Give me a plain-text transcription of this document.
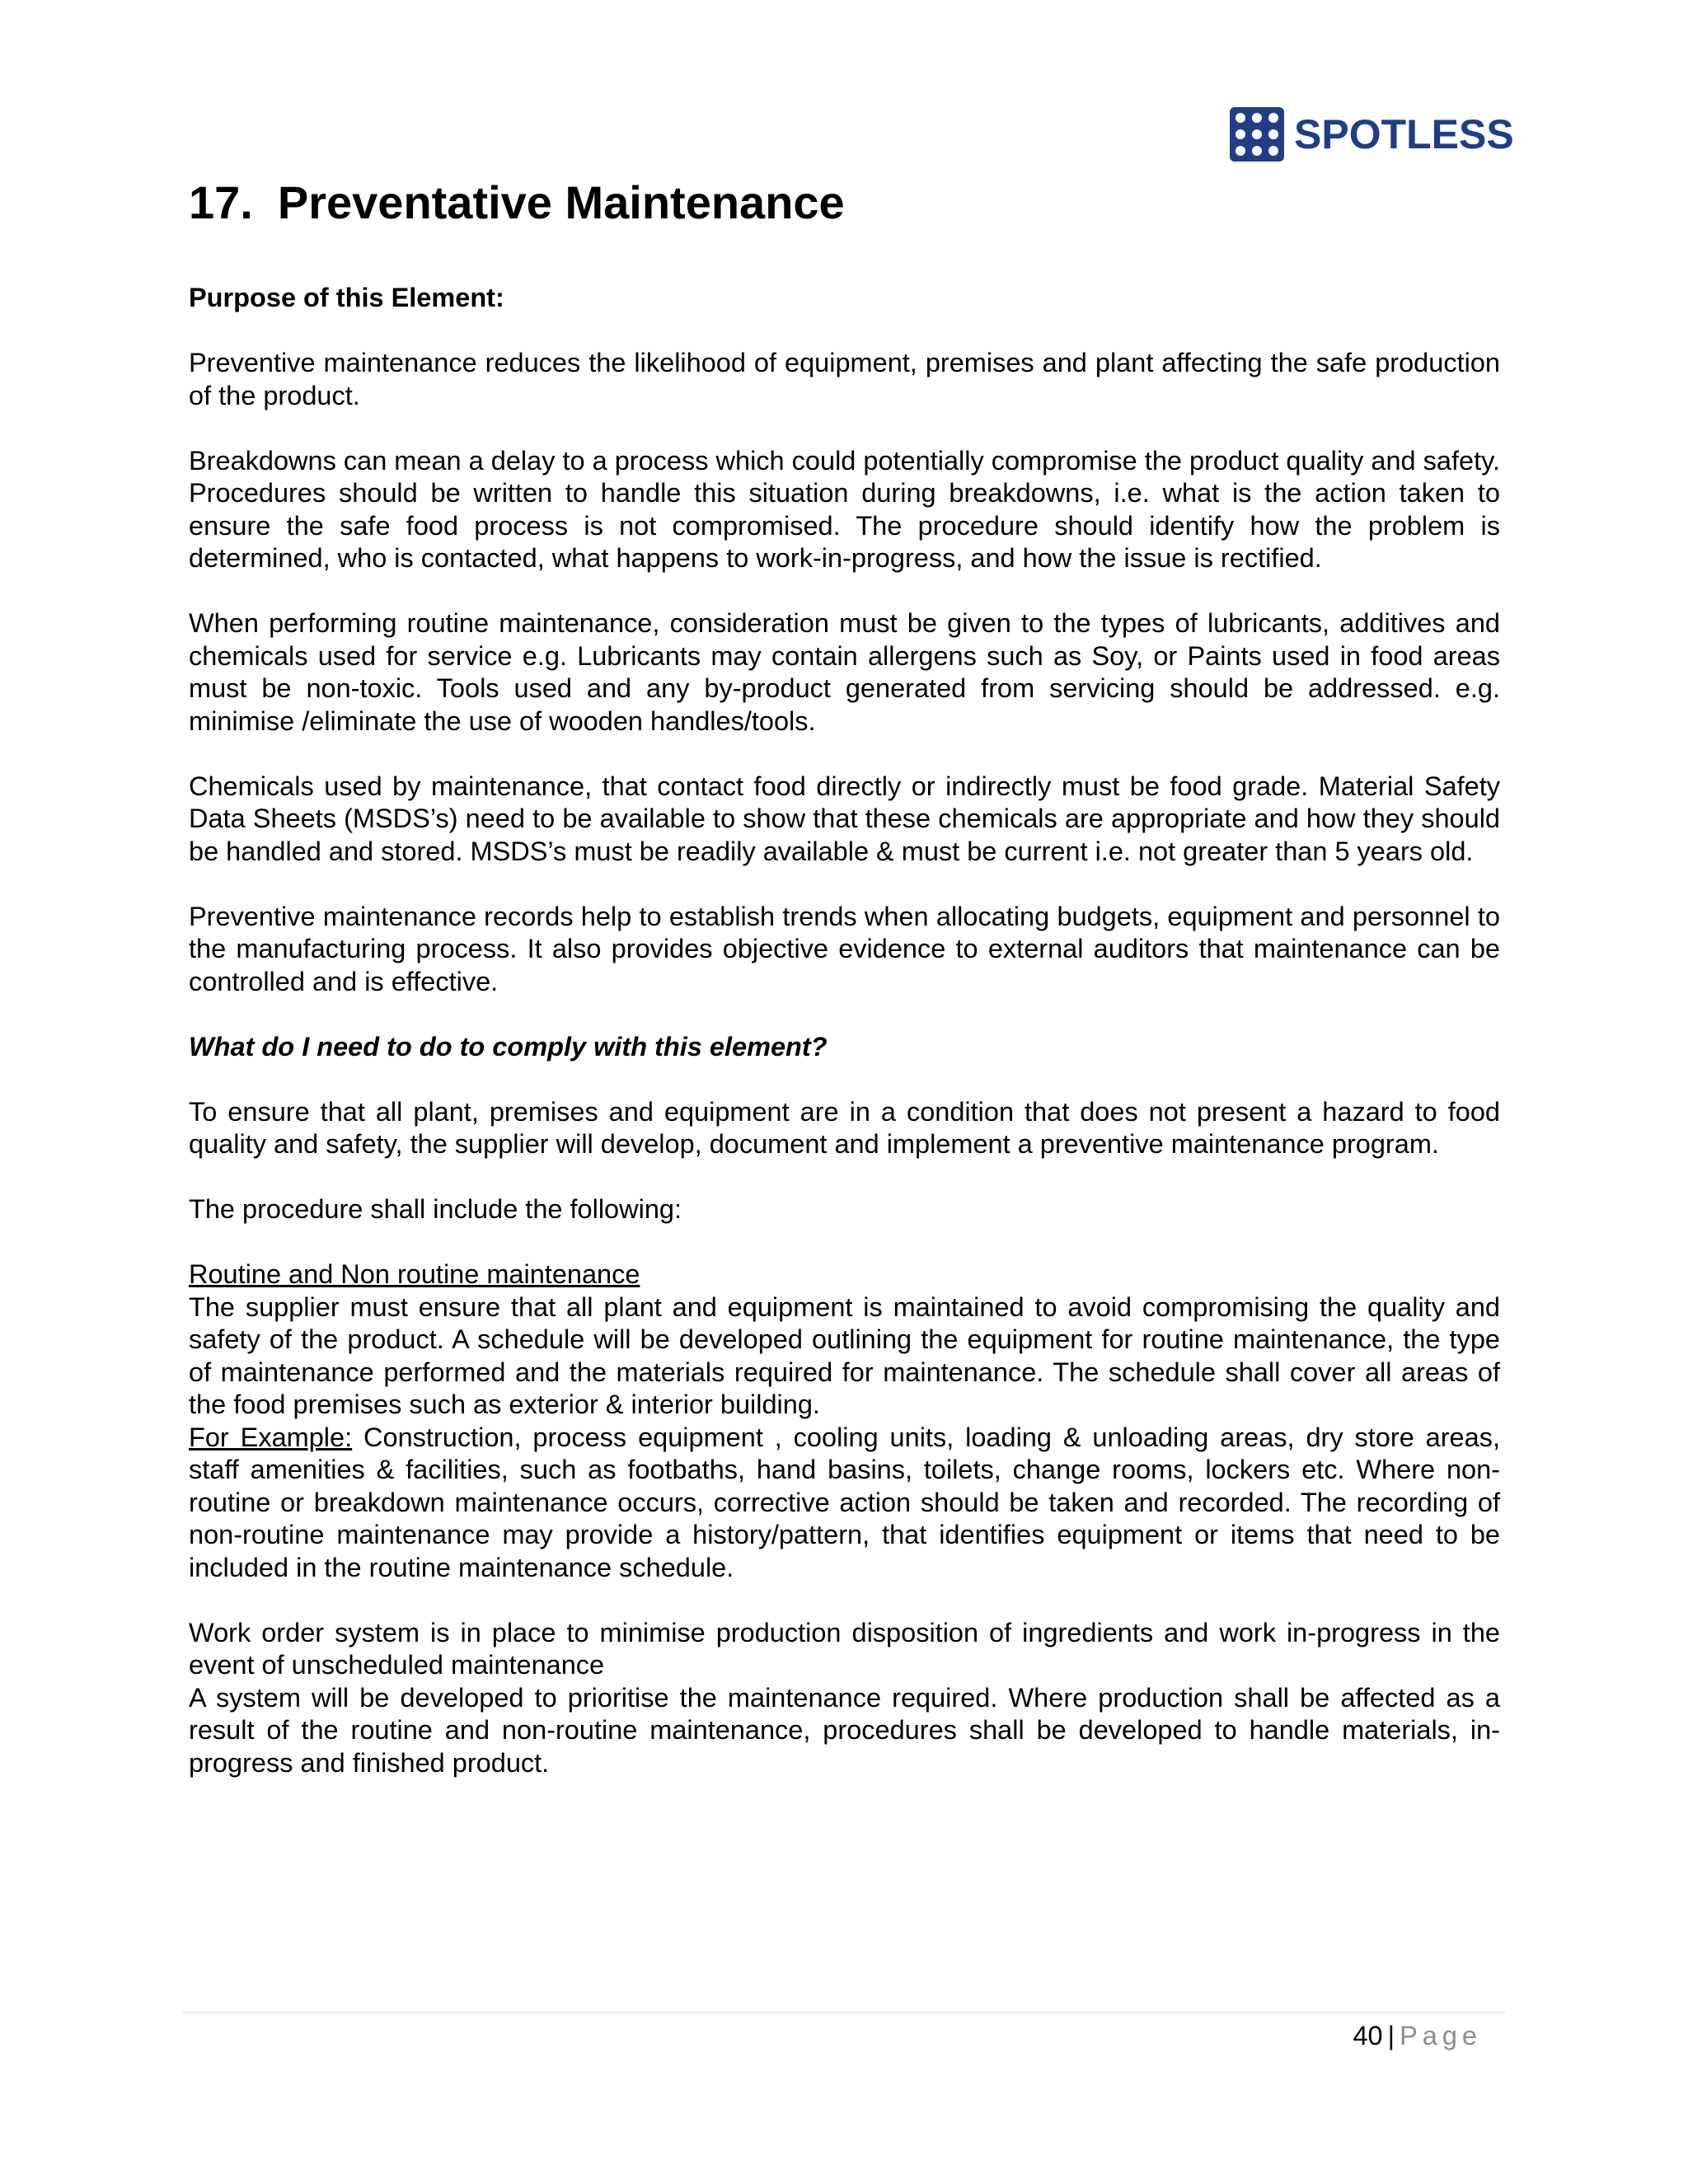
SPOTLESS
17. Preventative Maintenance

Purpose of this Element:

Preventive maintenance reduces the likelihood of equipment, premises and plant affecting the safe production of the product.

Breakdowns can mean a delay to a process which could potentially compromise the product quality and safety. Procedures should be written to handle this situation during breakdowns, i.e. what is the action taken to ensure the safe food process is not compromised. The procedure should identify how the problem is determined, who is contacted, what happens to work-in-progress, and how the issue is rectified.

When performing routine maintenance, consideration must be given to the types of lubricants, additives and chemicals used for service e.g. Lubricants may contain allergens such as Soy, or Paints used in food areas must be non-toxic. Tools used and any by-product generated from servicing should be addressed. e.g. minimise /eliminate the use of wooden handles/tools.

Chemicals used by maintenance, that contact food directly or indirectly must be food grade. Material Safety Data Sheets (MSDS’s) need to be available to show that these chemicals are appropriate and how they should be handled and stored. MSDS’s must be readily available & must be current i.e. not greater than 5 years old.

Preventive maintenance records help to establish trends when allocating budgets, equipment and personnel to the manufacturing process. It also provides objective evidence to external auditors that maintenance can be controlled and is effective.

What do I need to do to comply with this element?

To ensure that all plant, premises and equipment are in a condition that does not present a hazard to food quality and safety, the supplier will develop, document and implement a preventive maintenance program.

The procedure shall include the following:

Routine and Non routine maintenance

The supplier must ensure that all plant and equipment is maintained to avoid compromising the quality and safety of the product. A schedule will be developed outlining the equipment for routine maintenance, the type of maintenance performed and the materials required for maintenance. The schedule shall cover all areas of the food premises such as exterior & interior building.

For Example: Construction, process equipment , cooling units, loading & unloading areas, dry store areas, staff amenities & facilities, such as footbaths, hand basins, toilets, change rooms, lockers etc. Where non-routine or breakdown maintenance occurs, corrective action should be taken and recorded. The recording of non-routine maintenance may provide a history/pattern, that identifies equipment or items that need to be included in the routine maintenance schedule.

Work order system is in place to minimise production disposition of ingredients and work in-progress in the event of unscheduled maintenance

A system will be developed to prioritise the maintenance required. Where production shall be affected as a result of the routine and non-routine maintenance, procedures shall be developed to handle materials, in-progress and finished product.

40 | Page
